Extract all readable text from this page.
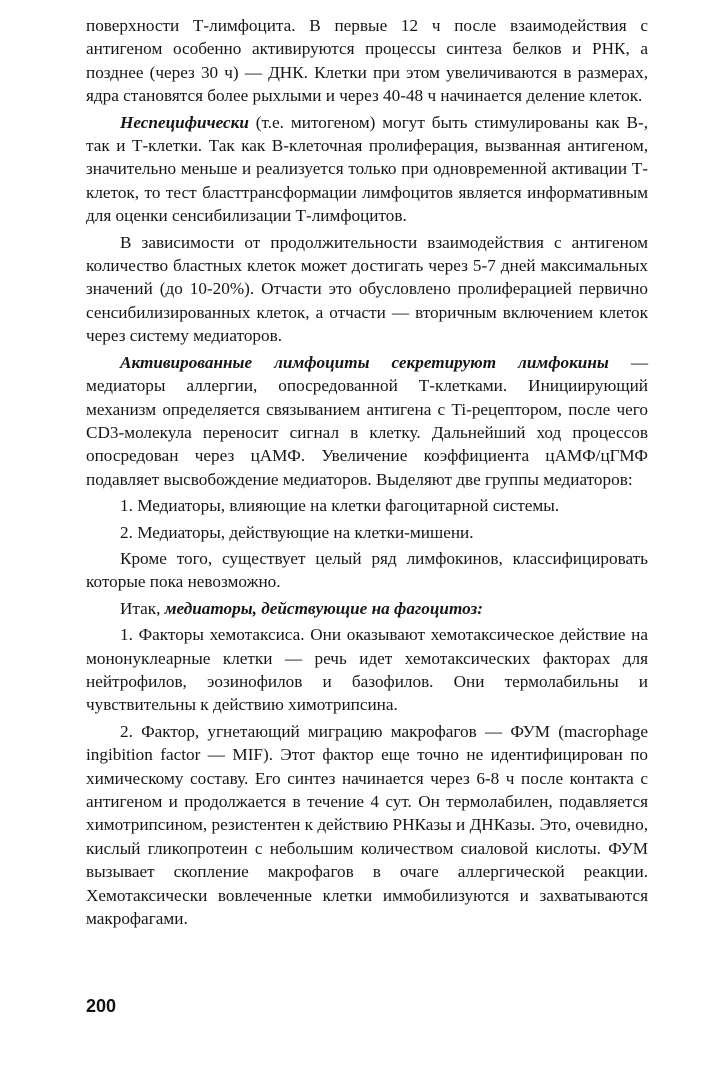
поверхности Т-лимфоцита. В первые 12 ч после взаимодействия с антигеном особенно активируются процессы синтеза белков и РНК, а позднее (через 30 ч) — ДНК. Клетки при этом увеличиваются в размерах, ядра становятся более рыхлыми и через 40-48 ч начинается деление клеток.

Неспецифически (т.е. митогеном) могут быть стимулированы как В-, так и Т-клетки. Так как В-клеточная пролиферация, вызванная антигеном, значительно меньше и реализуется только при одновременной активации Т-клеток, то тест бласттрансформации лимфоцитов является информативным для оценки сенсибилизации Т-лимфоцитов.

В зависимости от продолжительности взаимодействия с антигеном количество бластных клеток может достигать через 5-7 дней максимальных значений (до 10-20%). Отчасти это обусловлено пролиферацией первично сенсибилизированных клеток, а отчасти — вторичным включением клеток через систему медиаторов.

Активированные лимфоциты секретируют лимфокины — медиаторы аллергии, опосредованной Т-клетками. Инициирующий механизм определяется связыванием антигена с Ti-рецептором, после чего CD3-молекула переносит сигнал в клетку. Дальнейший ход процессов опосредован через цАМФ. Увеличение коэффициента цАМФ/цГМФ подавляет высвобождение медиаторов. Выделяют две группы медиаторов:

1. Медиаторы, влияющие на клетки фагоцитарной системы.

2. Медиаторы, действующие на клетки-мишени.

Кроме того, существует целый ряд лимфокинов, классифицировать которые пока невозможно.

Итак, медиаторы, действующие на фагоцитоз:

1. Факторы хемотаксиса. Они оказывают хемотаксическое действие на мононуклеарные клетки — речь идет хемотаксических факторах для нейтрофилов, эозинофилов и базофилов. Они термолабильны и чувствительны к действию химотрипсина.

2. Фактор, угнетающий миграцию макрофагов — ФУМ (macrophage ingibition factor — MIF). Этот фактор еще точно не идентифицирован по химическому составу. Его синтез начинается через 6-8 ч после контакта с антигеном и продолжается в течение 4 сут. Он термолабилен, подавляется химотрипсином, резистентен к действию РНКазы и ДНКазы. Это, очевидно, кислый гликопротеин с небольшим количеством сиаловой кислоты. ФУМ вызывает скопление макрофагов в очаге аллергической реакции. Хемотаксически вовлеченные клетки иммобилизуются и захватываются макрофагами.

200
